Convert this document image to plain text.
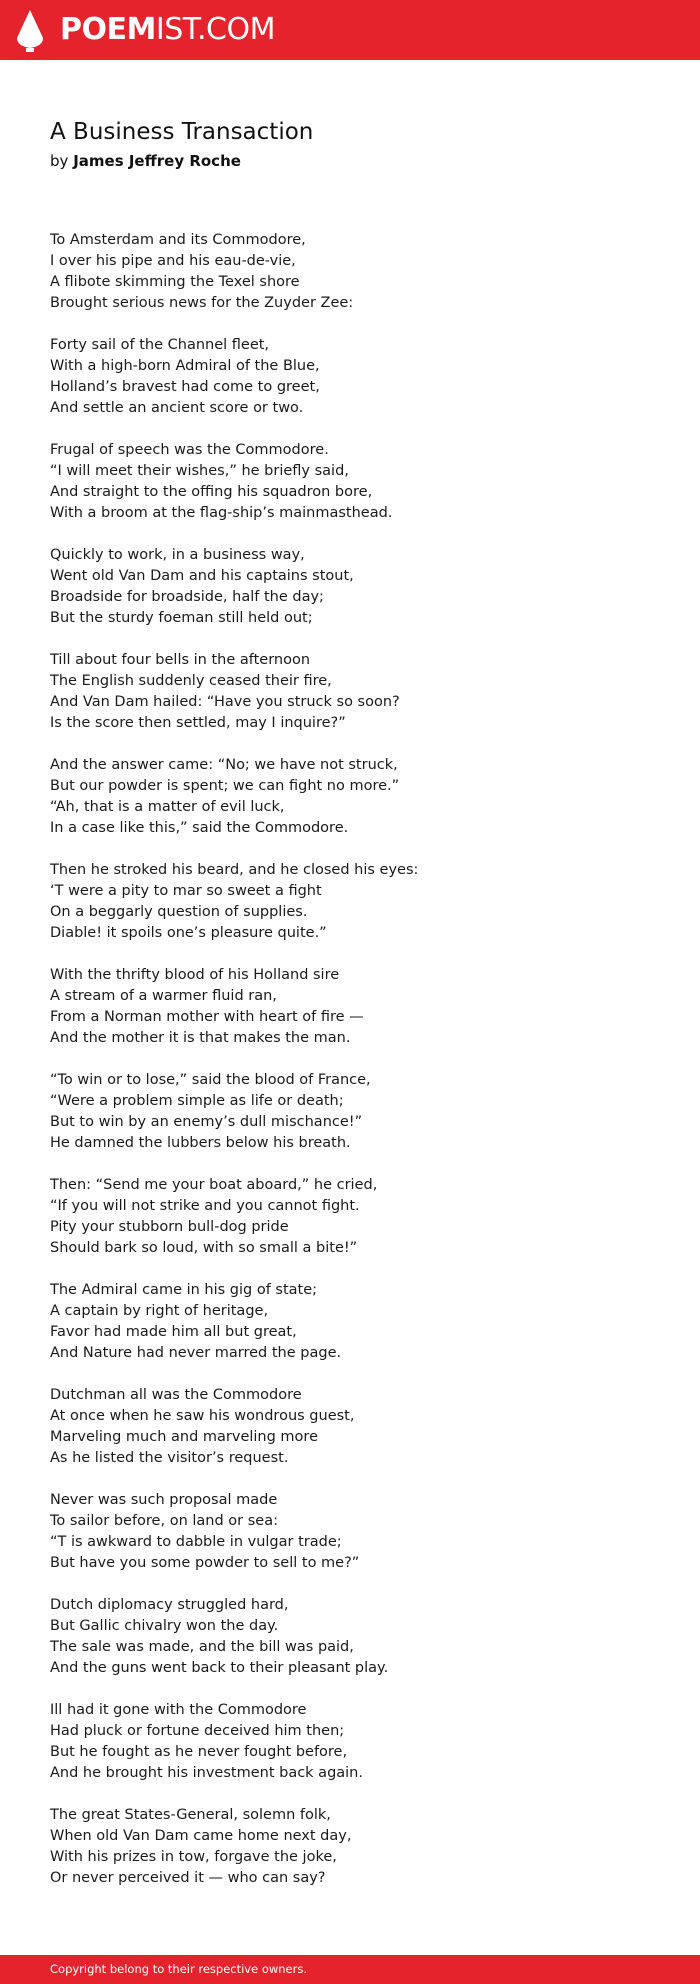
POEMIST.COM
A Business Transaction
by James Jeffrey Roche
To Amsterdam and its Commodore,
I over his pipe and his eau-de-vie,
A flibote skimming the Texel shore
Brought serious news for the Zuyder Zee:
Forty sail of the Channel fleet,
With a high-born Admiral of the Blue,
Holland’s bravest had come to greet,
And settle an ancient score or two.
Frugal of speech was the Commodore.
“I will meet their wishes,” he briefly said,
And straight to the offing his squadron bore,
With a broom at the flag-ship’s mainmasthead.
Quickly to work, in a business way,
Went old Van Dam and his captains stout,
Broadside for broadside, half the day;
But the sturdy foeman still held out;
Till about four bells in the afternoon
The English suddenly ceased their fire,
And Van Dam hailed: “Have you struck so soon?
Is the score then settled, may I inquire?”
And the answer came: “No; we have not struck,
But our powder is spent; we can fight no more.”
“Ah, that is a matter of evil luck,
In a case like this,” said the Commodore.
Then he stroked his beard, and he closed his eyes:
‘T were a pity to mar so sweet a fight
On a beggarly question of supplies.
Diable! it spoils one’s pleasure quite.”
With the thrifty blood of his Holland sire
A stream of a warmer fluid ran,
From a Norman mother with heart of fire —
And the mother it is that makes the man.
“To win or to lose,” said the blood of France,
“Were a problem simple as life or death;
But to win by an enemy’s dull mischance!”
He damned the lubbers below his breath.
Then: “Send me your boat aboard,” he cried,
“If you will not strike and you cannot fight.
Pity your stubborn bull-dog pride
Should bark so loud, with so small a bite!”
The Admiral came in his gig of state;
A captain by right of heritage,
Favor had made him all but great,
And Nature had never marred the page.
Dutchman all was the Commodore
At once when he saw his wondrous guest,
Marveling much and marveling more
As he listed the visitor’s request.
Never was such proposal made
To sailor before, on land or sea:
“T is awkward to dabble in vulgar trade;
But have you some powder to sell to me?”
Dutch diplomacy struggled hard,
But Gallic chivalry won the day.
The sale was made, and the bill was paid,
And the guns went back to their pleasant play.
Ill had it gone with the Commodore
Had pluck or fortune deceived him then;
But he fought as he never fought before,
And he brought his investment back again.
The great States-General, solemn folk,
When old Van Dam came home next day,
With his prizes in tow, forgave the joke,
Or never perceived it — who can say?
Copyright belong to their respective owners.
